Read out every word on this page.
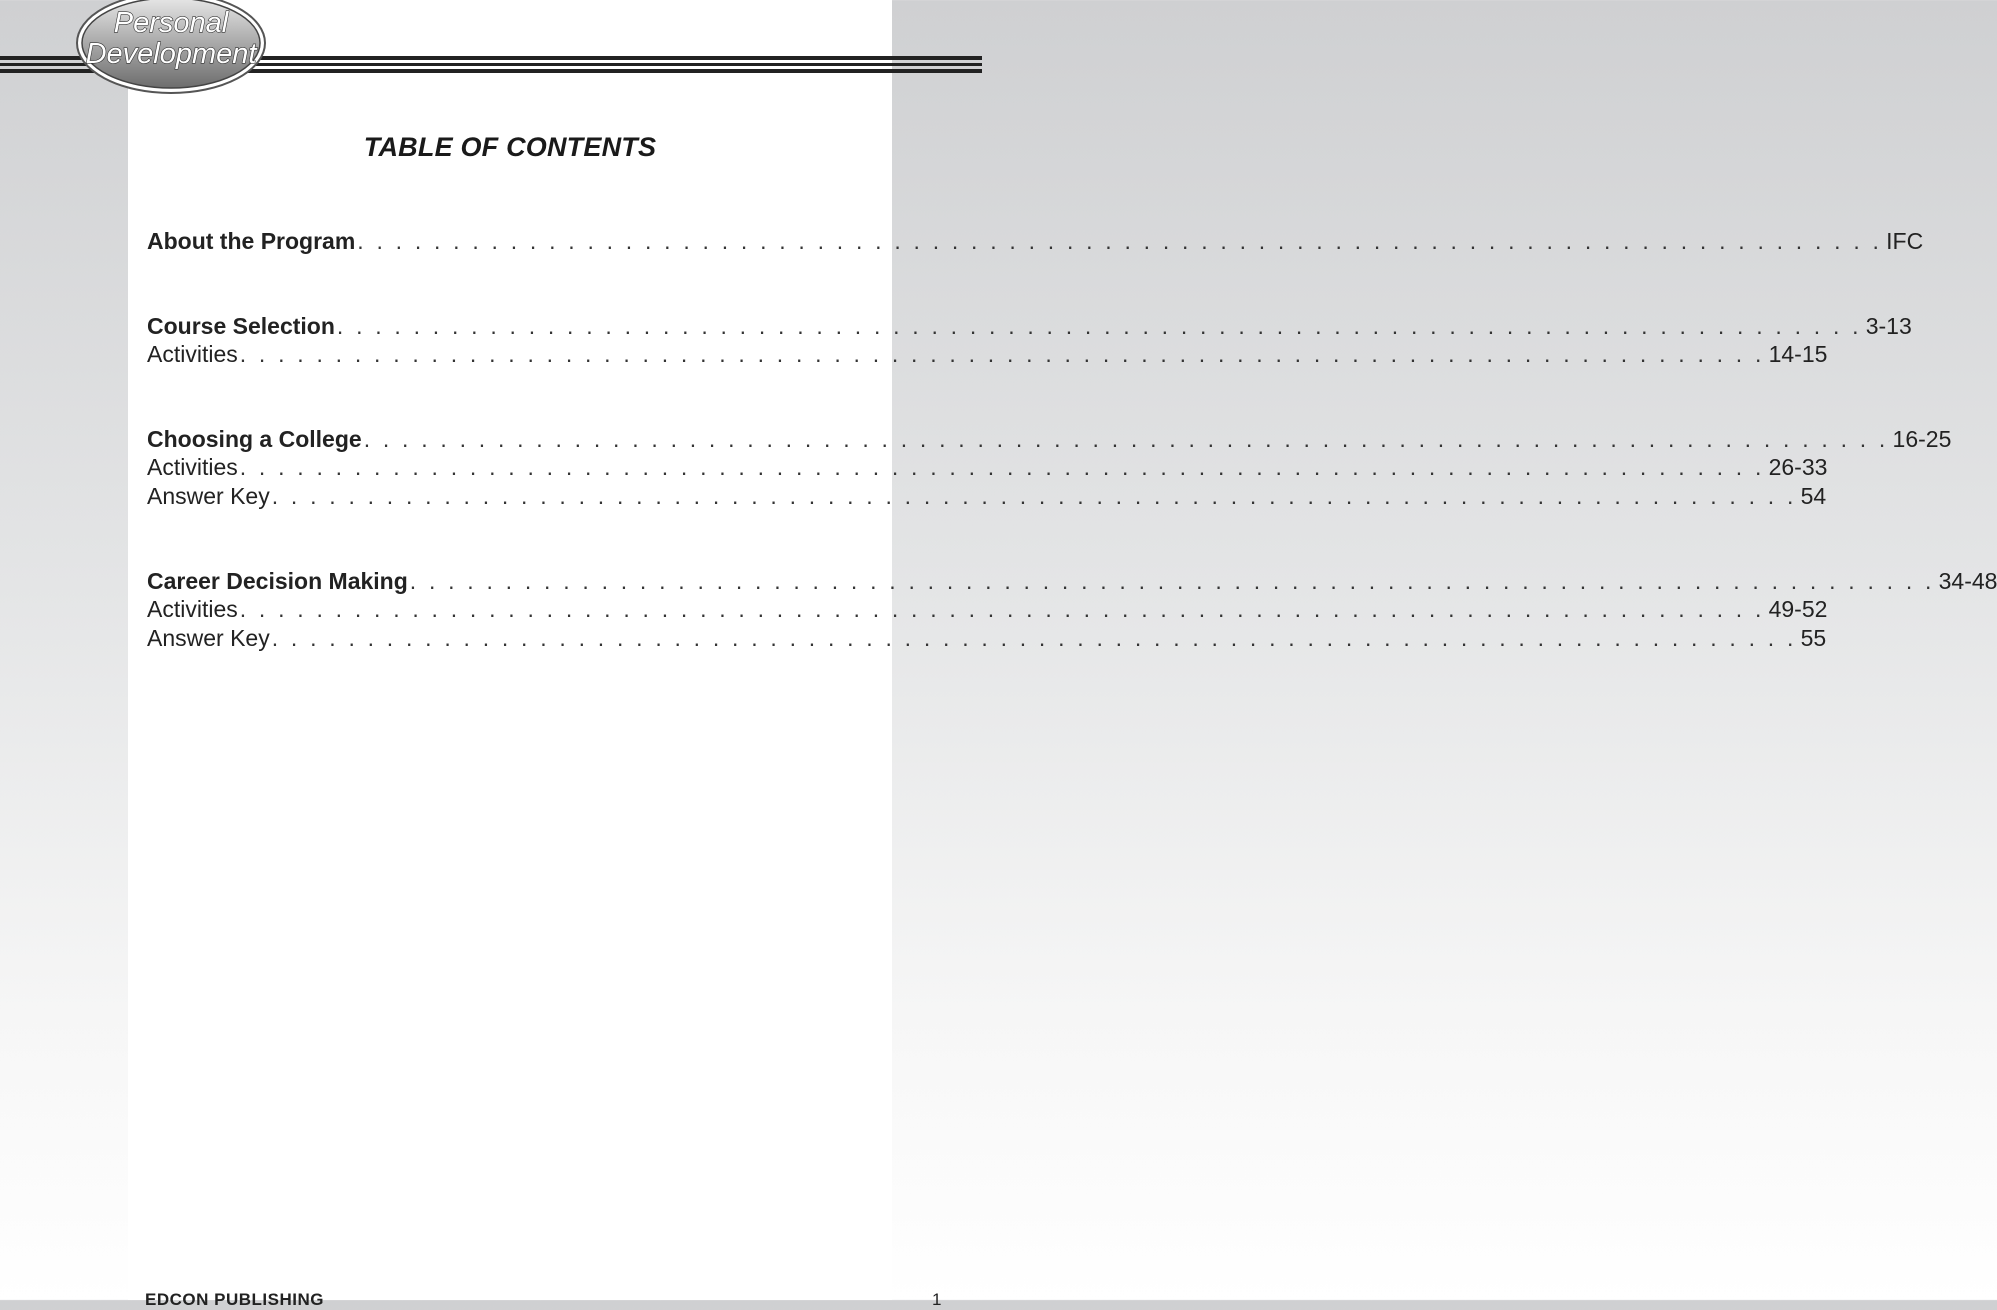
Personal
Development
TABLE OF CONTENTS
About the Program . . . . . . . . . . . . . . . . . . . . . . . . . . . . . . . . . . . . . . . . . . . . . . . . . . . . . . . . . . . . . . . . . . . . . . . . . . . . . . . . IFC
Course Selection . . . . . . . . . . . . . . . . . . . . . . . . . . . . . . . . . . . . . . . . . . . . . . . . . . . . . . . . . . . . . . . . . . . . . . . . . . . . . . . . 3-13
Activities . . . . . . . . . . . . . . . . . . . . . . . . . . . . . . . . . . . . . . . . . . . . . . . . . . . . . . . . . . . . . . . . . . . . . . . . . . . . . . . . 14-15
Choosing a College . . . . . . . . . . . . . . . . . . . . . . . . . . . . . . . . . . . . . . . . . . . . . . . . . . . . . . . . . . . . . . . . . . . . . . . . . . . . . . . . 16-25
Activities . . . . . . . . . . . . . . . . . . . . . . . . . . . . . . . . . . . . . . . . . . . . . . . . . . . . . . . . . . . . . . . . . . . . . . . . . . . . . . . . 26-33
Answer Key . . . . . . . . . . . . . . . . . . . . . . . . . . . . . . . . . . . . . . . . . . . . . . . . . . . . . . . . . . . . . . . . . . . . . . . . . . . . . . . . 54
Career Decision Making . . . . . . . . . . . . . . . . . . . . . . . . . . . . . . . . . . . . . . . . . . . . . . . . . . . . . . . . . . . . . . . . . . . . . . . . . . . . . . . . 34-48
Activities . . . . . . . . . . . . . . . . . . . . . . . . . . . . . . . . . . . . . . . . . . . . . . . . . . . . . . . . . . . . . . . . . . . . . . . . . . . . . . . . 49-52
Answer Key . . . . . . . . . . . . . . . . . . . . . . . . . . . . . . . . . . . . . . . . . . . . . . . . . . . . . . . . . . . . . . . . . . . . . . . . . . . . . . . . 55
EDCON PUBLISHING	1
